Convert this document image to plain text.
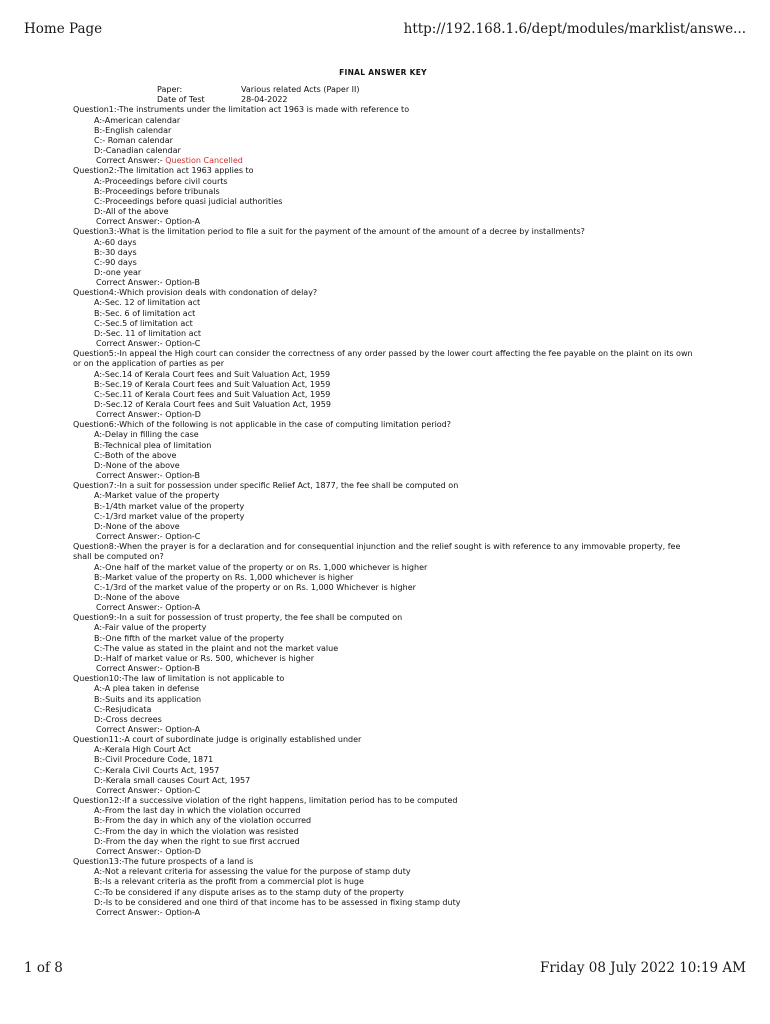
Home Page	http://192.168.1.6/dept/modules/marklist/answe...
FINAL ANSWER KEY
Paper:	Various related Acts (Paper II)
Date of Test	28-04-2022
Question1:-The instruments under the limitation act 1963 is made with reference to
A:-American calendar
B:-English calendar
C:- Roman calendar
D:-Canadian calendar
Correct Answer:- Question Cancelled
Question2:-The limitation act 1963 applies to
A:-Proceedings before civil courts
B:-Proceedings before tribunals
C:-Proceedings before quasi judicial authorities
D:-All of the above
Correct Answer:- Option-A
Question3:-What is the limitation period to file a suit for the payment of the amount of the amount of a decree by installments?
A:-60 days
B:-30 days
C:-90 days
D:-one year
Correct Answer:- Option-B
Question4:-Which provision deals with condonation of delay?
A:-Sec. 12 of limitation act
B:-Sec. 6 of limitation act
C:-Sec.5 of limitation act
D:-Sec. 11 of limitation act
Correct Answer:- Option-C
Question5:-In appeal the High court can consider the correctness of any order passed by the lower court affecting the fee payable on the plaint on its own or on the application of parties as per
A:-Sec.14 of Kerala Court fees and Suit Valuation Act, 1959
B:-Sec.19 of Kerala Court fees and Suit Valuation Act, 1959
C:-Sec.11 of Kerala Court fees and Suit Valuation Act, 1959
D:-Sec.12 of Kerala Court fees and Suit Valuation Act, 1959
Correct Answer:- Option-D
Question6:-Which of the following is not applicable in the case of computing limitation period?
A:-Delay in filling the case
B:-Technical plea of limitation
C:-Both of the above
D:-None of the above
Correct Answer:- Option-B
Question7:-In a suit for possession under specific Relief Act, 1877, the fee shall be computed on
A:-Market value of the property
B:-1/4th market value of the property
C:-1/3rd market value of the property
D:-None of the above
Correct Answer:- Option-C
Question8:-When the prayer is for a declaration and for consequential injunction and the relief sought is with reference to any immovable property, fee shall be computed on?
A:-One half of the market value of the property or on Rs. 1,000 whichever is higher
B:-Market value of the property on Rs. 1,000 whichever is higher
C:-1/3rd of the market value of the property or on Rs. 1,000 Whichever is higher
D:-None of the above
Correct Answer:- Option-A
Question9:-In a suit for possession of trust property, the fee shall be computed on
A:-Fair value of the property
B:-One fifth of the market value of the property
C:-The value as stated in the plaint and not the market value
D:-Half of market value or Rs. 500, whichever is higher
Correct Answer:- Option-B
Question10:-The law of limitation is not applicable to
A:-A plea taken in defense
B:-Suits and its application
C:-Resjudicata
D:-Cross decrees
Correct Answer:- Option-A
Question11:-A court of subordinate judge is originally established under
A:-Kerala High Court Act
B:-Civil Procedure Code, 1871
C:-Kerala Civil Courts Act, 1957
D:-Kerala small causes Court Act, 1957
Correct Answer:- Option-C
Question12:-If a successive violation of the right happens, limitation period has to be computed
A:-From the last day in which the violation occurred
B:-From the day in which any of the violation occurred
C:-From the day in which the violation was resisted
D:-From the day when the right to sue first accrued
Correct Answer:- Option-D
Question13:-The future prospects of a land is
A:-Not a relevant criteria for assessing the value for the purpose of stamp duty
B:-Is a relevant criteria as the profit from a commercial plot is huge
C:-To be considered if any dispute arises as to the stamp duty of the property
D:-Is to be considered and one third of that income has to be assessed in fixing stamp duty
Correct Answer:- Option-A
1 of 8	Friday 08 July 2022 10:19 AM
